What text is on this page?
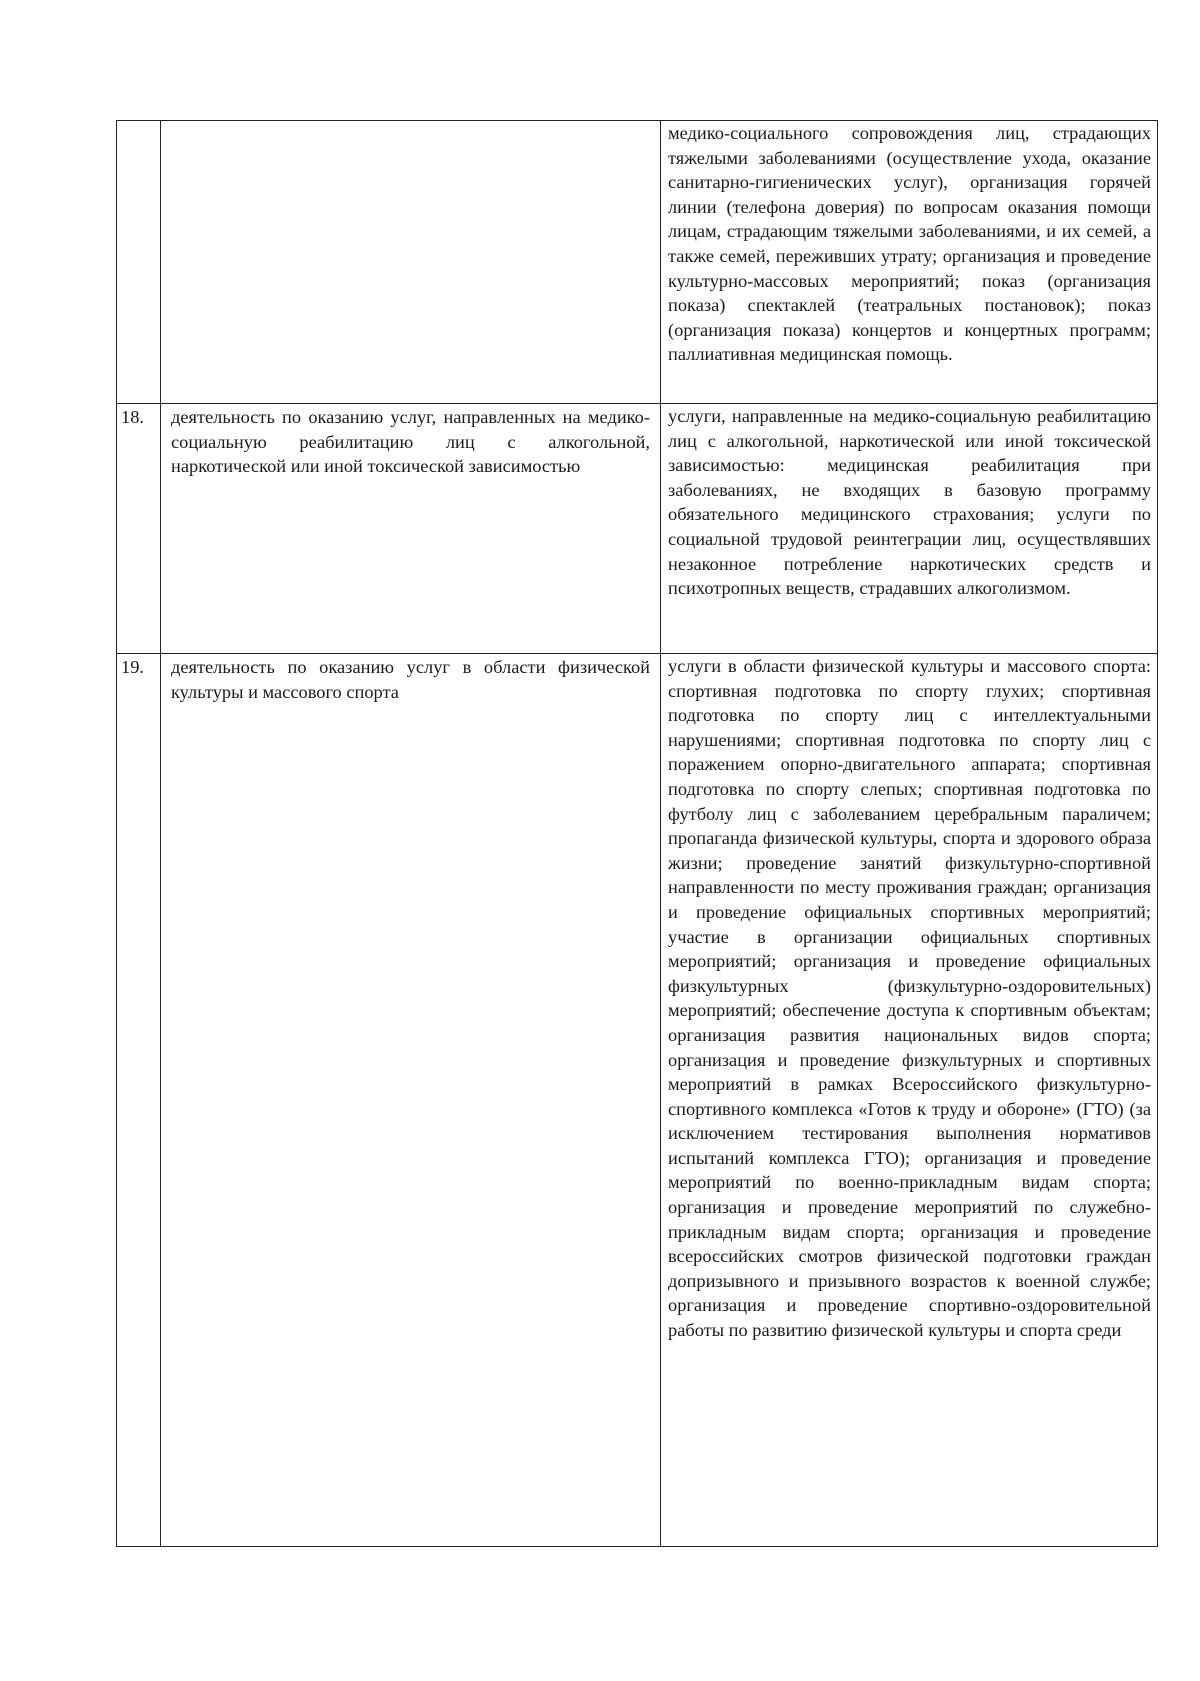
		медико-социального сопровождения лиц, страдающих тяжелыми заболеваниями (осуществление ухода, оказание санитарно-гигиенических услуг), организация горячей линии (телефона доверия) по вопросам оказания помощи лицам, страдающим тяжелыми заболеваниями, и их семей, а также семей, переживших утрату; организация и проведение культурно-массовых мероприятий; показ (организация показа) спектаклей (театральных постановок); показ (организация показа) концертов и концертных программ; паллиативная медицинская помощь.

18.	деятельность по оказанию услуг, направленных на медико-социальную реабилитацию лиц с алкогольной, наркотической или иной токсической зависимостью	услуги, направленные на медико-социальную реабилитацию лиц с алкогольной, наркотической или иной токсической зависимостью: медицинская реабилитация при заболеваниях, не входящих в базовую программу обязательного медицинского страхования; услуги по социальной трудовой реинтеграции лиц, осуществлявших незаконное потребление наркотических средств и психотропных веществ, страдавших алкоголизмом.

19.	деятельность по оказанию услуг в области физической культуры и массового спорта	услуги в области физической культуры и массового спорта: спортивная подготовка по спорту глухих; спортивная подготовка по спорту лиц с интеллектуальными нарушениями; спортивная подготовка по спорту лиц с поражением опорно-двигательного аппарата; спортивная подготовка по спорту слепых; спортивная подготовка по футболу лиц с заболеванием церебральным параличем; пропаганда физической культуры, спорта и здорового образа жизни; проведение занятий физкультурно-спортивной направленности по месту проживания граждан; организация и проведение официальных спортивных мероприятий; участие в организации официальных спортивных мероприятий; организация и проведение официальных физкультурных (физкультурно-оздоровительных) мероприятий; обеспечение доступа к спортивным объектам; организация развития национальных видов спорта; организация и проведение физкультурных и спортивных мероприятий в рамках Всероссийского физкультурно-спортивного комплекса «Готов к труду и обороне» (ГТО) (за исключением тестирования выполнения нормативов испытаний комплекса ГТО); организация и проведение мероприятий по военно-прикладным видам спорта; организация и проведение мероприятий по служебно-прикладным видам спорта; организация и проведение всероссийских смотров физической подготовки граждан допризывного и призывного возрастов к военной службе; организация и проведение спортивно-оздоровительной работы по развитию физической культуры и спорта среди
